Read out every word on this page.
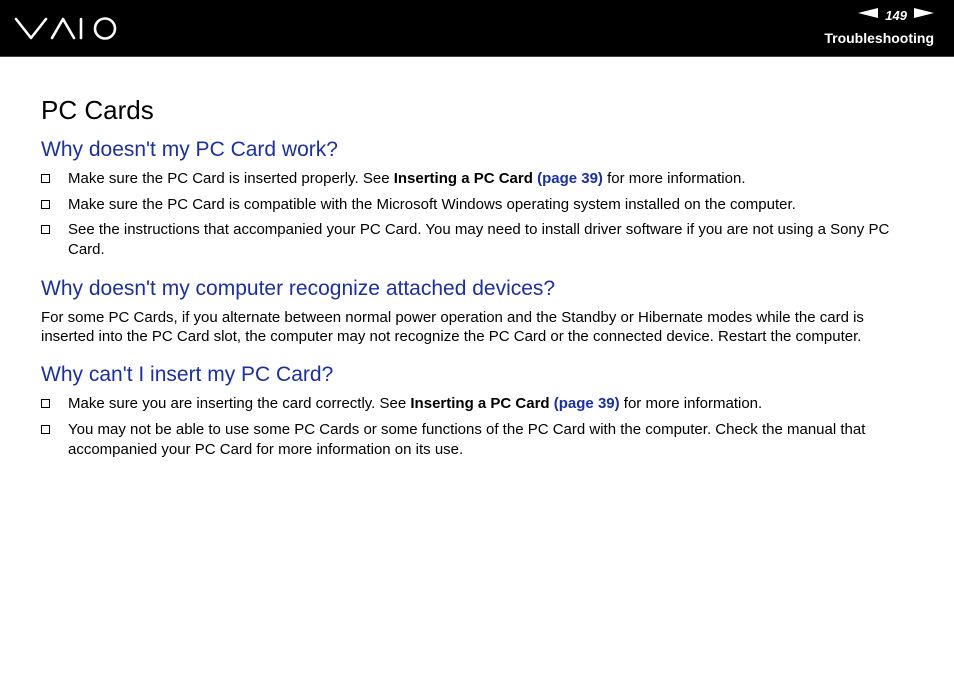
149
Troubleshooting
PC Cards
Why doesn't my PC Card work?
Make sure the PC Card is inserted properly. See Inserting a PC Card (page 39) for more information.
Make sure the PC Card is compatible with the Microsoft Windows operating system installed on the computer.
See the instructions that accompanied your PC Card. You may need to install driver software if you are not using a Sony PC Card.
Why doesn't my computer recognize attached devices?

For some PC Cards, if you alternate between normal power operation and the Standby or Hibernate modes while the card is inserted into the PC Card slot, the computer may not recognize the PC Card or the connected device. Restart the computer.

Why can't I insert my PC Card?
Make sure you are inserting the card correctly. See Inserting a PC Card (page 39) for more information.
You may not be able to use some PC Cards or some functions of the PC Card with the computer. Check the manual that accompanied your PC Card for more information on its use.
